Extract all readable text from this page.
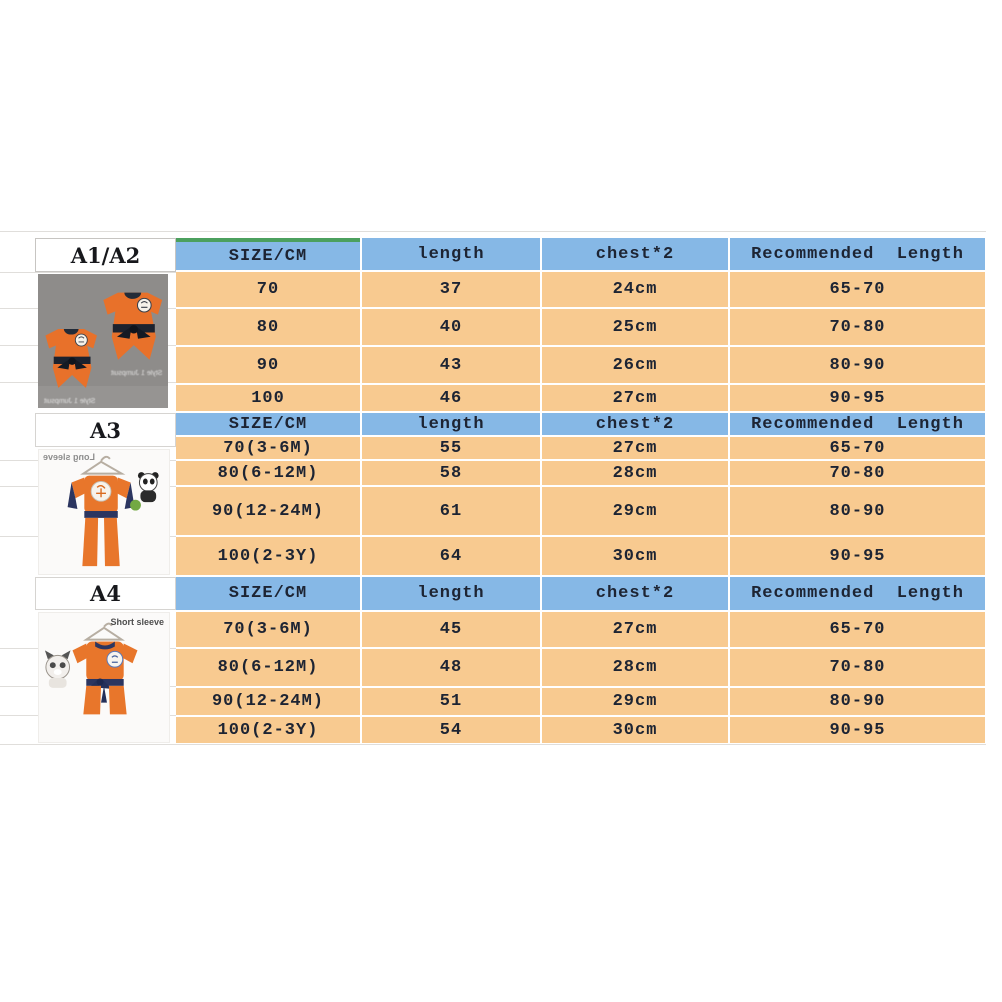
A1/A2
Style 1 Jumpsuit
Style 1 Jumpsuit
SIZE/CM	length	chest*2	Recommended  Length
70	37	24cm	65-70
80	40	25cm	70-80
90	43	26cm	80-90
100	46	27cm	90-95
A3
Long sleeve
SIZE/CM	length	chest*2	Recommended  Length
70(3-6M)	55	27cm	65-70
80(6-12M)	58	28cm	70-80
90(12-24M)	61	29cm	80-90
100(2-3Y)	64	30cm	90-95
A4
Short sleeve
SIZE/CM	length	chest*2	Recommended  Length
70(3-6M)	45	27cm	65-70
80(6-12M)	48	28cm	70-80
90(12-24M)	51	29cm	80-90
100(2-3Y)	54	30cm	90-95
